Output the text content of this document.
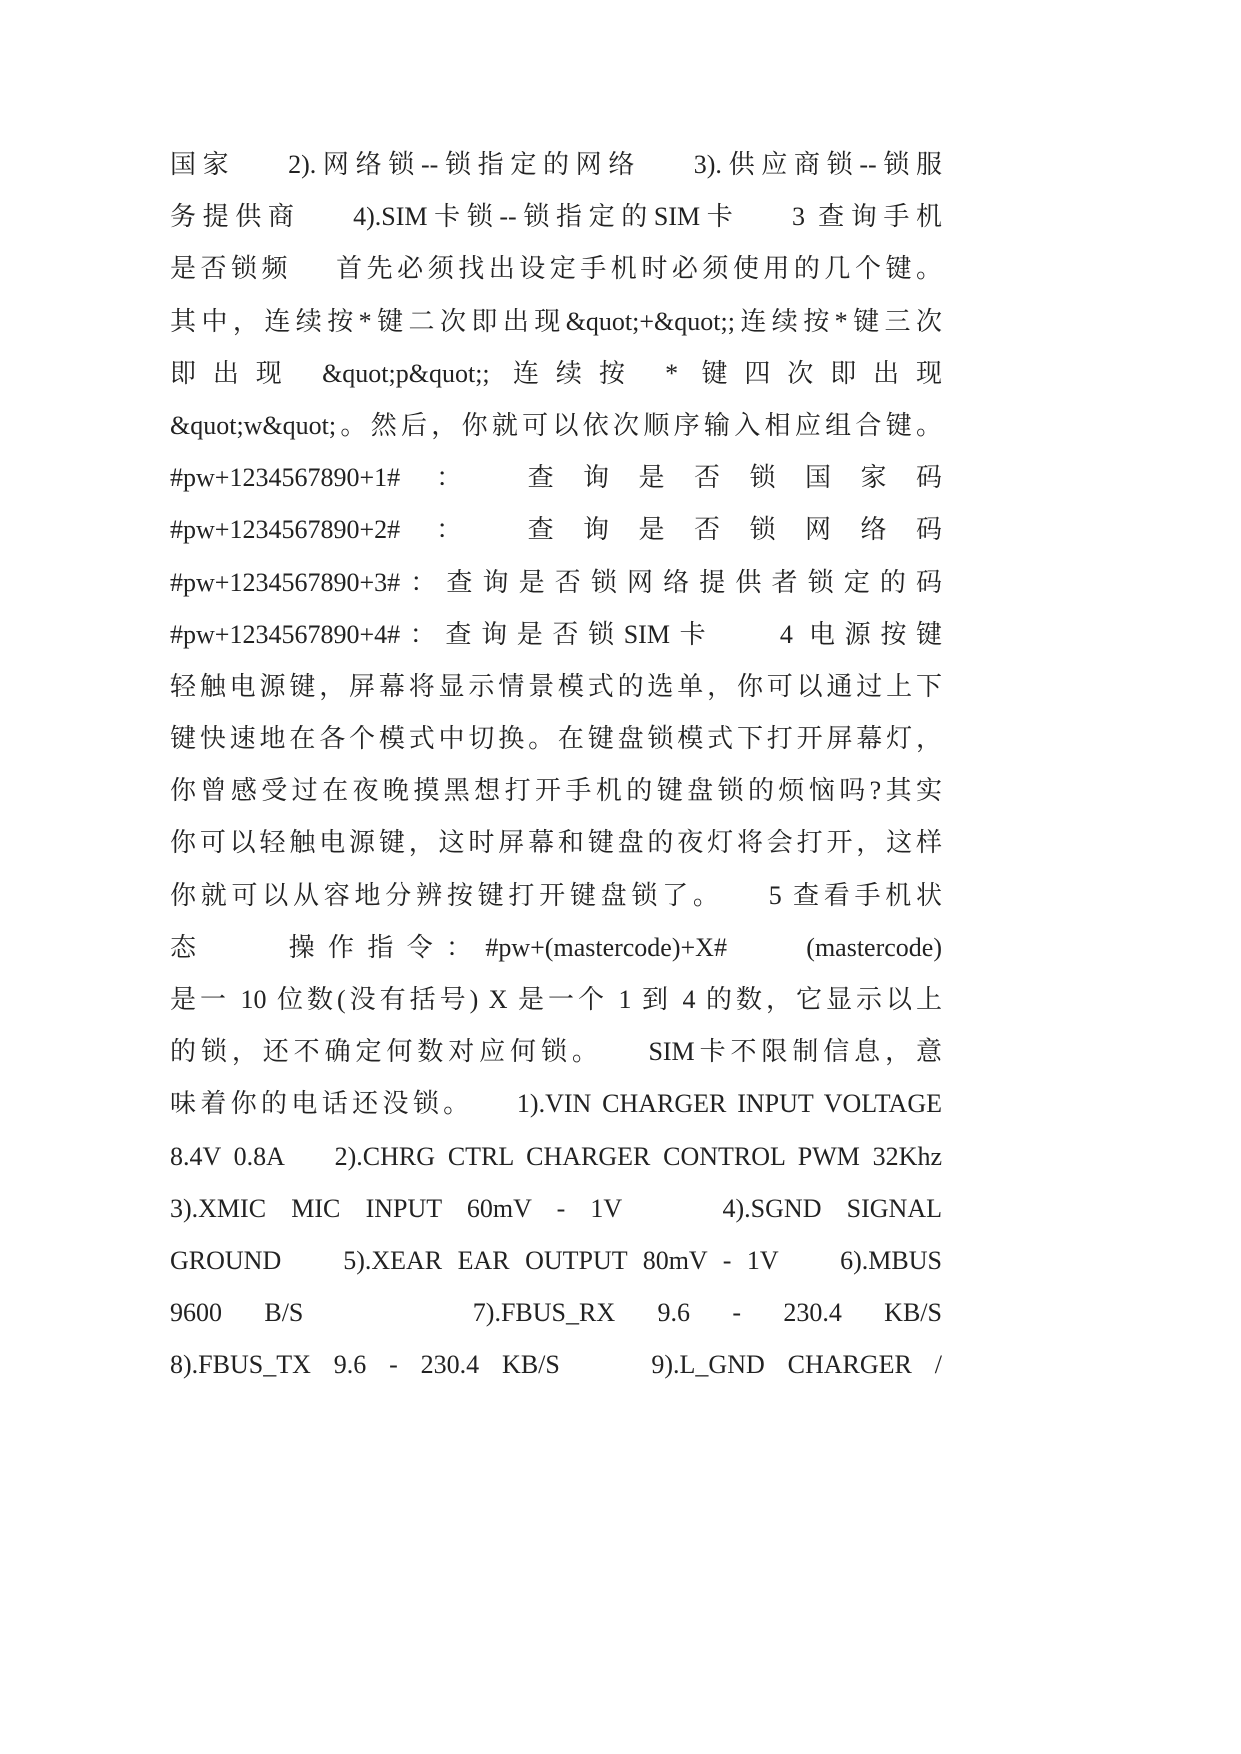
国家    2).网络锁--锁指定的网络    3).供应商锁--锁服
务提供商    4).SIM卡锁--锁指定的SIM卡    3 查询手机
是否锁频    首先必须找出设定手机时必须使用的几个键。
其中，连续按*键二次即出现&quot;+&quot;;连续按*键三次
即出现 &quot;p&quot;; 连续按 * 键四次即出现
&quot;w&quot;。然后，你就可以依次顺序输入相应组合键。
#pw+1234567890+1# ： 查询是否锁国家码
#pw+1234567890+2# ： 查询是否锁网络码
#pw+1234567890+3#：查询是否锁网络提供者锁定的码
#pw+1234567890+4#：查询是否锁SIM卡    4 电源按键
轻触电源键，屏幕将显示情景模式的选单，你可以通过上下
键快速地在各个模式中切换。在键盘锁模式下打开屏幕灯，
你曾感受过在夜晚摸黑想打开手机的键盘锁的烦恼吗?其实
你可以轻触电源键，这时屏幕和键盘的夜灯将会打开，这样
你就可以从容地分辨按键打开键盘锁了。    5 查看手机状
态    操作指令：#pw+(mastercode)+X#    (mastercode)
是一 10 位数(没有括号) X 是一个 1 到 4 的数，它显示以上
的锁，还不确定何数对应何锁。    SIM卡不限制信息，意
味着你的电话还没锁。    1).VIN CHARGER INPUT VOLTAGE
8.4V 0.8A    2).CHRG CTRL CHARGER CONTROL PWM 32Khz
3).XMIC MIC INPUT 60mV - 1V    4).SGND SIGNAL
GROUND    5).XEAR EAR OUTPUT 80mV - 1V    6).MBUS
9600 B/S    7).FBUS_RX 9.6 - 230.4 KB/S
8).FBUS_TX 9.6 - 230.4 KB/S    9).L_GND CHARGER /
